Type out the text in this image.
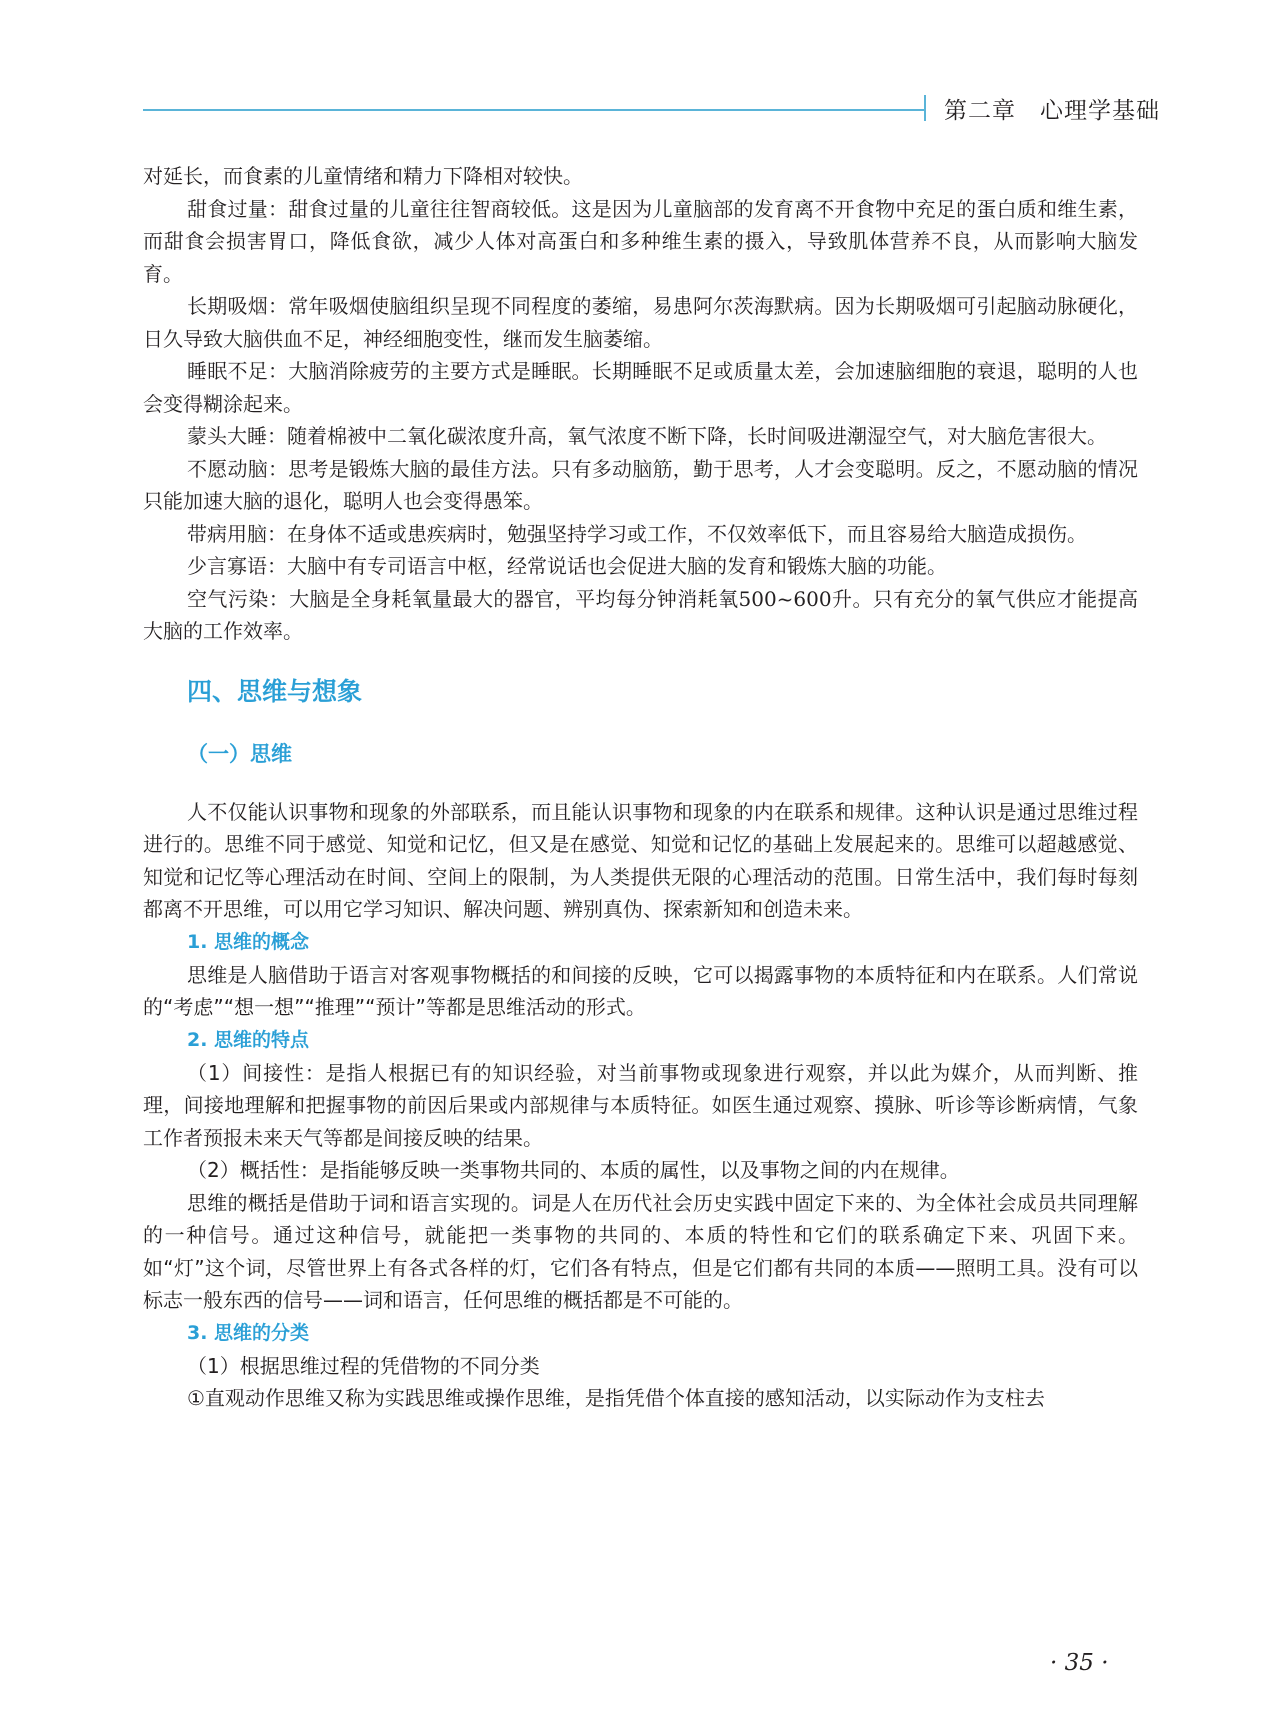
第二章　心理学基础

对延长，而食素的儿童情绪和精力下降相对较快。

甜食过量：甜食过量的儿童往往智商较低。这是因为儿童脑部的发育离不开食物中充足的蛋白质和维生素，而甜食会损害胃口，降低食欲，减少人体对高蛋白和多种维生素的摄入，导致肌体营养不良，从而影响大脑发育。

长期吸烟：常年吸烟使脑组织呈现不同程度的萎缩，易患阿尔茨海默病。因为长期吸烟可引起脑动脉硬化，日久导致大脑供血不足，神经细胞变性，继而发生脑萎缩。

睡眠不足：大脑消除疲劳的主要方式是睡眠。长期睡眠不足或质量太差，会加速脑细胞的衰退，聪明的人也会变得糊涂起来。

蒙头大睡：随着棉被中二氧化碳浓度升高，氧气浓度不断下降，长时间吸进潮湿空气，对大脑危害很大。

不愿动脑：思考是锻炼大脑的最佳方法。只有多动脑筋，勤于思考，人才会变聪明。反之，不愿动脑的情况只能加速大脑的退化，聪明人也会变得愚笨。

带病用脑：在身体不适或患疾病时，勉强坚持学习或工作，不仅效率低下，而且容易给大脑造成损伤。

少言寡语：大脑中有专司语言中枢，经常说话也会促进大脑的发育和锻炼大脑的功能。

空气污染：大脑是全身耗氧量最大的器官，平均每分钟消耗氧500~600升。只有充分的氧气供应才能提高大脑的工作效率。

四、思维与想象
（一）思维

人不仅能认识事物和现象的外部联系，而且能认识事物和现象的内在联系和规律。这种认识是通过思维过程进行的。思维不同于感觉、知觉和记忆，但又是在感觉、知觉和记忆的基础上发展起来的。思维可以超越感觉、知觉和记忆等心理活动在时间、空间上的限制，为人类提供无限的心理活动的范围。日常生活中，我们每时每刻都离不开思维，可以用它学习知识、解决问题、辨别真伪、探索新知和创造未来。

1. 思维的概念

思维是人脑借助于语言对客观事物概括的和间接的反映，它可以揭露事物的本质特征和内在联系。人们常说的“考虑”“想一想”“推理”“预计”等都是思维活动的形式。

2. 思维的特点

（1）间接性：是指人根据已有的知识经验，对当前事物或现象进行观察，并以此为媒介，从而判断、推理，间接地理解和把握事物的前因后果或内部规律与本质特征。如医生通过观察、摸脉、听诊等诊断病情，气象工作者预报未来天气等都是间接反映的结果。

（2）概括性：是指能够反映一类事物共同的、本质的属性，以及事物之间的内在规律。

思维的概括是借助于词和语言实现的。词是人在历代社会历史实践中固定下来的、为全体社会成员共同理解的一种信号。通过这种信号，就能把一类事物的共同的、本质的特性和它们的联系确定下来、巩固下来。如“灯”这个词，尽管世界上有各式各样的灯，它们各有特点，但是它们都有共同的本质——照明工具。没有可以标志一般东西的信号——词和语言，任何思维的概括都是不可能的。

3. 思维的分类

（1）根据思维过程的凭借物的不同分类

①直观动作思维又称为实践思维或操作思维，是指凭借个体直接的感知活动，以实际动作为支柱去

· 35 ·
